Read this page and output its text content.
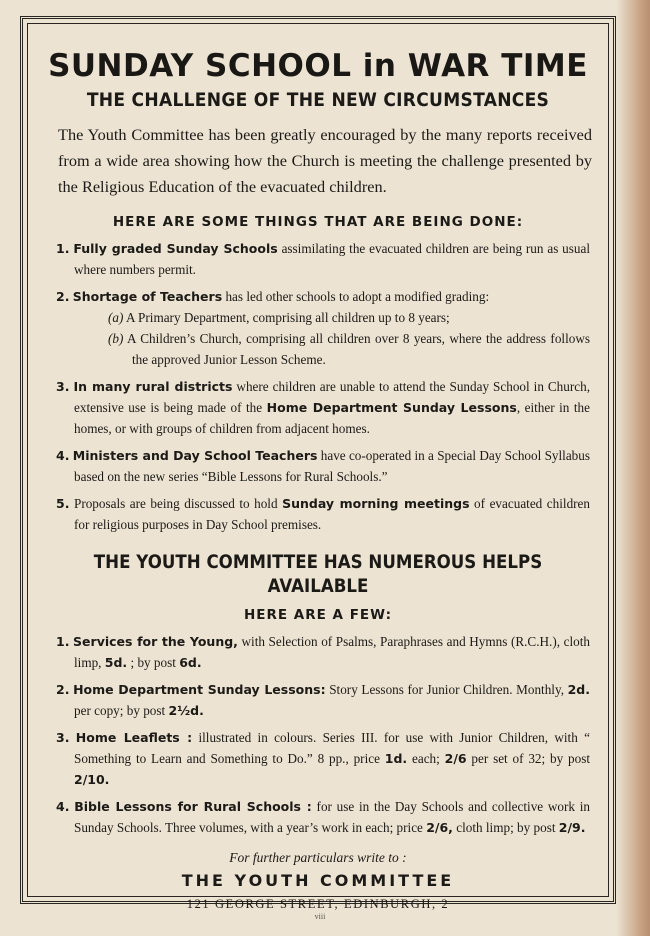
SUNDAY SCHOOL in WAR TIME
THE CHALLENGE OF THE NEW CIRCUMSTANCES

The Youth Committee has been greatly encouraged by the many reports received from a wide area showing how the Church is meeting the challenge presented by the Religious Education of the evacuated children.

HERE ARE SOME THINGS THAT ARE BEING DONE:
1. Fully graded Sunday Schools assimilating the evacuated children are being run as usual where numbers permit.
2. Shortage of Teachers has led other schools to adopt a modified grading:
(a) A Primary Department, comprising all children up to 8 years;
(b) A Children’s Church, comprising all children over 8 years, where the address follows the approved Junior Lesson Scheme.
3. In many rural districts where children are unable to attend the Sunday School in Church, extensive use is being made of the Home Department Sunday Lessons, either in the homes, or with groups of children from adjacent homes.
4. Ministers and Day School Teachers have co-operated in a Special Day School Syllabus based on the new series “Bible Lessons for Rural Schools.”
5. Proposals are being discussed to hold Sunday morning meetings of evacuated children for religious purposes in Day School premises.
THE YOUTH COMMITTEE HAS NUMEROUS HELPS AVAILABLE
HERE ARE A FEW:
1. Services for the Young, with Selection of Psalms, Paraphrases and Hymns (R.C.H.), cloth limp, 5d. ; by post 6d.
2. Home Department Sunday Lessons: Story Lessons for Junior Children. Monthly, 2d. per copy; by post 2½d.
3. Home Leaflets : illustrated in colours. Series III. for use with Junior Children, with “ Something to Learn and Something to Do.” 8 pp., price 1d. each; 2/6 per set of 32; by post 2/10.
4. Bible Lessons for Rural Schools : for use in the Day Schools and collective work in Sunday Schools. Three volumes, with a year’s work in each; price 2/6, cloth limp; by post 2/9.
For further particulars write to :
THE YOUTH COMMITTEE
121 GEORGE STREET, EDINBURGH, 2
viii
